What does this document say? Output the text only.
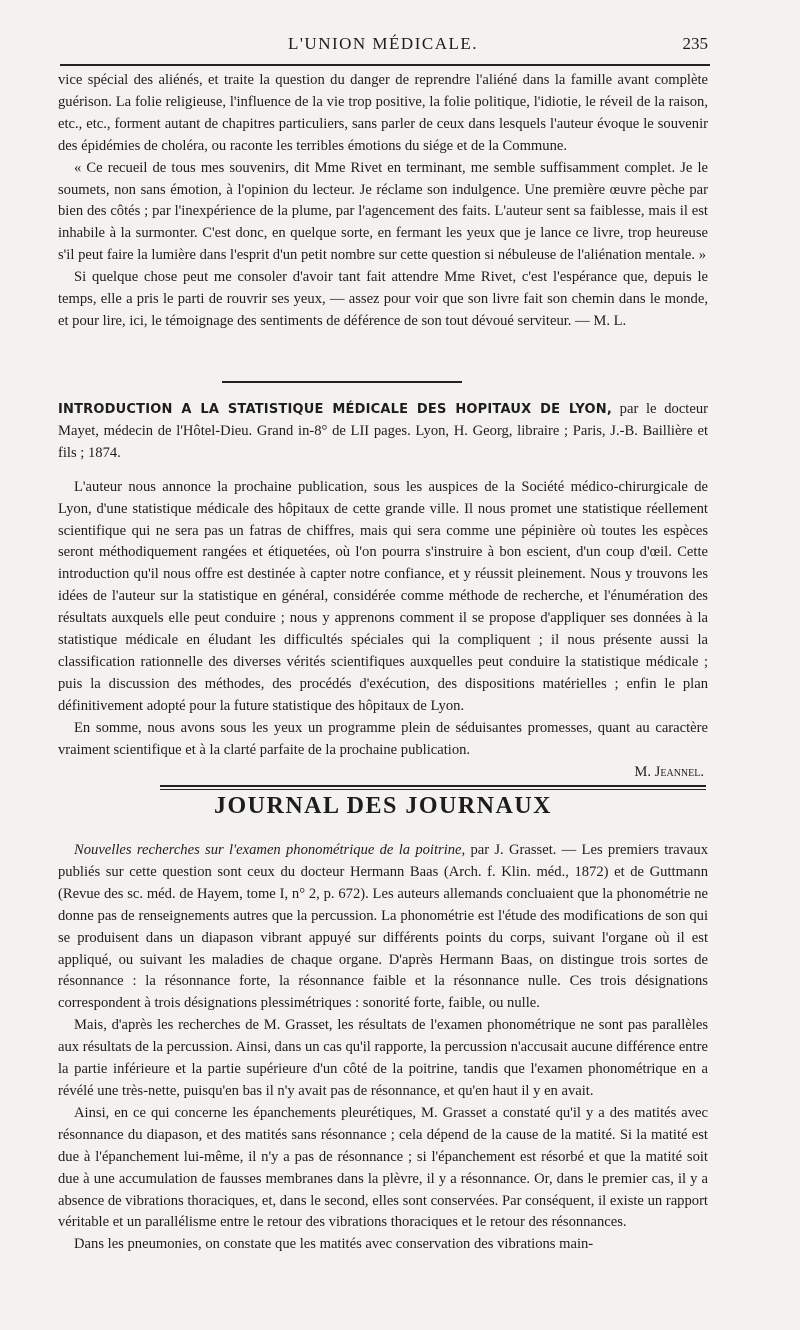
L'UNION MÉDICALE.	235

vice spécial des aliénés, et traite la question du danger de reprendre l'aliéné dans la famille avant complète guérison. La folie religieuse, l'influence de la vie trop positive, la folie politique, l'idiotie, le réveil de la raison, etc., etc., forment autant de chapitres particuliers, sans parler de ceux dans lesquels l'auteur évoque le souvenir des épidémies de choléra, ou raconte les terribles émotions du siége et de la Commune.

« Ce recueil de tous mes souvenirs, dit Mme Rivet en terminant, me semble suffisamment complet. Je le soumets, non sans émotion, à l'opinion du lecteur. Je réclame son indulgence. Une première œuvre pèche par bien des côtés ; par l'inexpérience de la plume, par l'agencement des faits. L'auteur sent sa faiblesse, mais il est inhabile à la surmonter. C'est donc, en quelque sorte, en fermant les yeux que je lance ce livre, trop heureuse s'il peut faire la lumière dans l'esprit d'un petit nombre sur cette question si nébuleuse de l'aliénation mentale. »

Si quelque chose peut me consoler d'avoir tant fait attendre Mme Rivet, c'est l'espérance que, depuis le temps, elle a pris le parti de rouvrir ses yeux, — assez pour voir que son livre fait son chemin dans le monde, et pour lire, ici, le témoignage des sentiments de déférence de son tout dévoué serviteur. — M. L.

INTRODUCTION A LA STATISTIQUE MÉDICALE DES HOPITAUX DE LYON, par le docteur Mayet, médecin de l'Hôtel-Dieu. Grand in-8° de LII pages. Lyon, H. Georg, libraire ; Paris, J.-B. Baillière et fils ; 1874.

L'auteur nous annonce la prochaine publication, sous les auspices de la Société médico-chirurgicale de Lyon, d'une statistique médicale des hôpitaux de cette grande ville. Il nous promet une statistique réellement scientifique qui ne sera pas un fatras de chiffres, mais qui sera comme une pépinière où toutes les espèces seront méthodiquement rangées et étiquetées, où l'on pourra s'instruire à bon escient, d'un coup d'œil. Cette introduction qu'il nous offre est destinée à capter notre confiance, et y réussit pleinement. Nous y trouvons les idées de l'auteur sur la statistique en général, considérée comme méthode de recherche, et l'énumération des résultats auxquels elle peut conduire ; nous y apprenons comment il se propose d'appliquer ses données à la statistique médicale en éludant les difficultés spéciales qui la compliquent ; il nous présente aussi la classification rationnelle des diverses vérités scientifiques auxquelles peut conduire la statistique médicale ; puis la discussion des méthodes, des procédés d'exécution, des dispositions matérielles ; enfin le plan définitivement adopté pour la future statistique des hôpitaux de Lyon.

En somme, nous avons sous les yeux un programme plein de séduisantes promesses, quant au caractère vraiment scientifique et à la clarté parfaite de la prochaine publication.

M. Jeannel.

JOURNAL DES JOURNAUX

Nouvelles recherches sur l'examen phonométrique de la poitrine, par J. Grasset. — Les premiers travaux publiés sur cette question sont ceux du docteur Hermann Baas (Arch. f. Klin. méd., 1872) et de Guttmann (Revue des sc. méd. de Hayem, tome I, n° 2, p. 672). Les auteurs allemands concluaient que la phonométrie ne donne pas de renseignements autres que la percussion. La phonométrie est l'étude des modifications de son qui se produisent dans un diapason vibrant appuyé sur différents points du corps, suivant l'organe où il est appliqué, ou suivant les maladies de chaque organe. D'après Hermann Baas, on distingue trois sortes de résonnance : la résonnance forte, la résonnance faible et la résonnance nulle. Ces trois désignations correspondent à trois désignations plessimétriques : sonorité forte, faible, ou nulle.

Mais, d'après les recherches de M. Grasset, les résultats de l'examen phonométrique ne sont pas parallèles aux résultats de la percussion. Ainsi, dans un cas qu'il rapporte, la percussion n'accusait aucune différence entre la partie inférieure et la partie supérieure d'un côté de la poitrine, tandis que l'examen phonométrique en a révélé une très-nette, puisqu'en bas il n'y avait pas de résonnance, et qu'en haut il y en avait.

Ainsi, en ce qui concerne les épanchements pleurétiques, M. Grasset a constaté qu'il y a des matités avec résonnance du diapason, et des matités sans résonnance ; cela dépend de la cause de la matité. Si la matité est due à l'épanchement lui-même, il n'y a pas de résonnance ; si l'épanchement est résorbé et que la matité soit due à une accumulation de fausses membranes dans la plèvre, il y a résonnance. Or, dans le premier cas, il y a absence de vibrations thoraciques, et, dans le second, elles sont conservées. Par conséquent, il existe un rapport véritable et un parallélisme entre le retour des vibrations thoraciques et le retour des résonnances.

Dans les pneumonies, on constate que les matités avec conservation des vibrations main-
